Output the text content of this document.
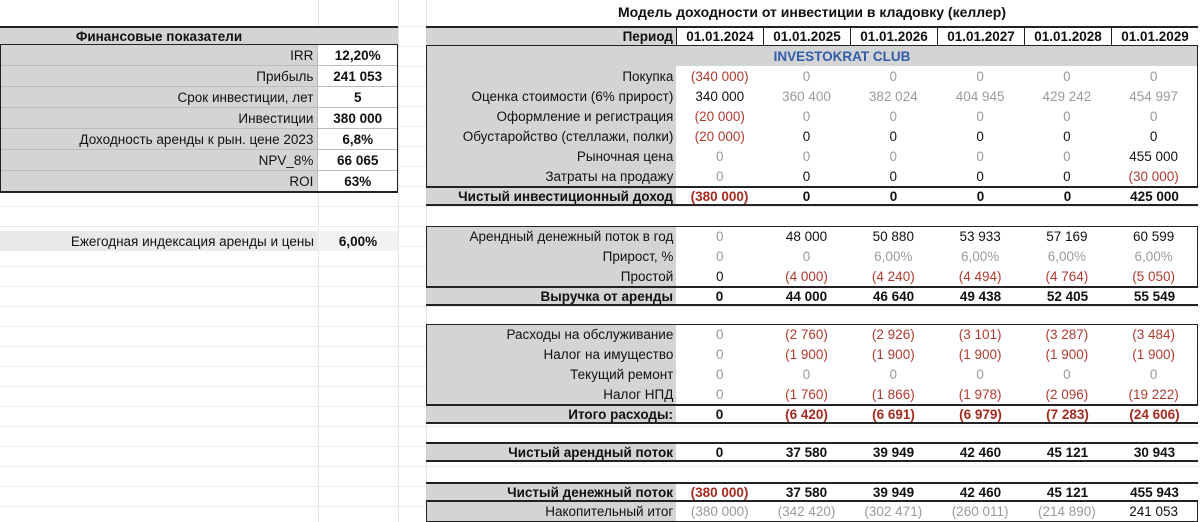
Финансовые показатели
IRR	12,20%
Прибыль	241 053
Срок инвестиции, лет	5
Инвестиции	380 000
Доходность аренды к рын. цене 2023	6,8%
NPV_8%	66 065
ROI	63%
Ежегодная индексация аренды и цены	6,00%
Модель доходности от инвестиции в кладовку (келлер)
Период 01.01.2024	01.01.2025	01.01.2026	01.01.2027	01.01.2028	01.01.2029
INVESTOKRAT CLUB
Покупка	(340 000)	0	0	0	0	0
Оценка стоимости (6% прирост)	340 000	360 400	382 024	404 945	429 242	454 997
Оформление и регистрация	(20 000)	0	0	0	0	0
Обустаройство (стеллажи, полки)	(20 000)	0	0	0	0	0
Рыночная цена	0	0	0	0	0	455 000
Затраты на продажу	0	0	0	0	0	(30 000)
Чистый инвестиционный доход	(380 000)	0	0	0	0	425 000
Арендный денежный поток в год	0	48 000	50 880	53 933	57 169	60 599
Прирост, %	0	0	6,00%	6,00%	6,00%	6,00%
Простой	0	(4 000)	(4 240)	(4 494)	(4 764)	(5 050)
Выручка от аренды	0	44 000	46 640	49 438	52 405	55 549
Расходы на обслуживание	0	(2 760)	(2 926)	(3 101)	(3 287)	(3 484)
Налог на имущество	0	(1 900)	(1 900)	(1 900)	(1 900)	(1 900)
Текущий ремонт	0	0	0	0	0	0
Налог НПД	0	(1 760)	(1 866)	(1 978)	(2 096)	(19 222)
Итого расходы:	0	(6 420)	(6 691)	(6 979)	(7 283)	(24 606)
Чистый арендный поток	0	37 580	39 949	42 460	45 121	30 943
Чистый денежный поток	(380 000)	37 580	39 949	42 460	45 121	455 943
Накопительный итог	(380 000)	(342 420)	(302 471)	(260 011)	(214 890)	241 053
